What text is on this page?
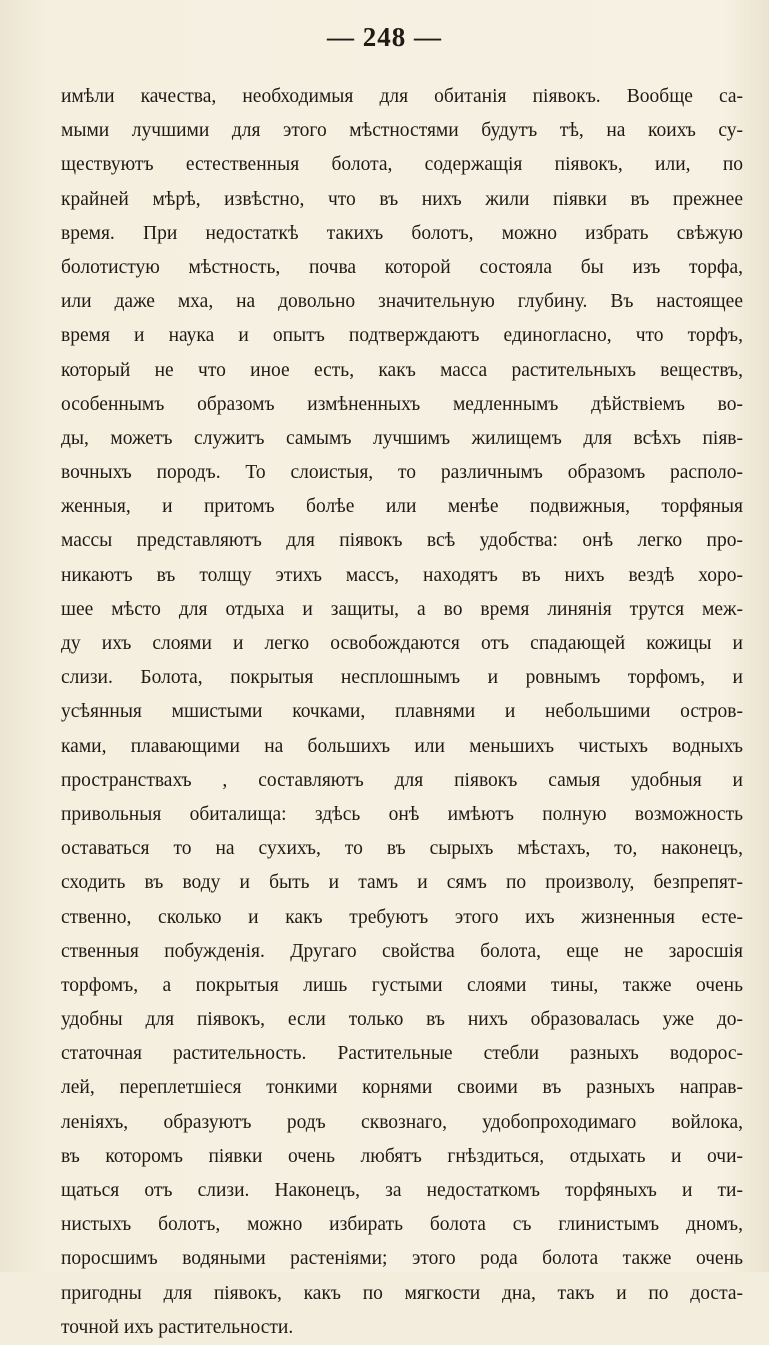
— 248 —
имѣли качества, необходимыя для обитанія піявокъ. Вообще са-
мыми лучшими для этого мѣстностями будутъ тѣ, на коихъ су-
ществуютъ естественныя болота, содержащія піявокъ, или, по
крайней мѣрѣ, извѣстно, что въ нихъ жили піявки въ прежнее
время. При недостаткѣ такихъ болотъ, можно избрать свѣжую
болотистую мѣстность, почва которой состояла бы изъ торфа,
или даже мха, на довольно значительную глубину. Въ настоящее
время и наука и опытъ подтверждаютъ единогласно, что торфъ,
который не что иное есть, какъ масса растительныхъ веществъ,
особеннымъ образомъ измѣненныхъ медленнымъ дѣйствіемъ во-
ды, можетъ служитъ самымъ лучшимъ жилищемъ для всѣхъ піяв-
вочныхъ породъ. То слоистыя, то различнымъ образомъ располо-
женныя, и притомъ болѣе или менѣе подвижныя, торфяныя
массы представляютъ для піявокъ всѣ удобства: онѣ легко про-
никаютъ въ толщу этихъ массъ, находятъ въ нихъ вездѣ хоро-
шее мѣсто для отдыха и защиты, а во время линянія трутся меж-
ду ихъ слоями и легко освобождаются отъ спадающей кожицы и
слизи. Болота, покрытыя несплошнымъ и ровнымъ торфомъ, и
усѣянныя мшистыми кочками, плавнями и небольшими остров-
ками, плавающими на большихъ или меньшихъ чистыхъ водныхъ
пространствахъ , составляютъ для піявокъ самыя удобныя и
привольныя обиталища: здѣсь онѣ имѣютъ полную возможность
оставаться то на сухихъ, то въ сырыхъ мѣстахъ, то, наконецъ,
сходить въ воду и быть и тамъ и сямъ по произволу, безпрепят-
ственно, сколько и какъ требуютъ этого ихъ жизненныя есте-
ственныя побужденія. Другаго свойства болота, еще не заросшія
торфомъ, а покрытыя лишь густыми слоями тины, также очень
удобны для піявокъ, если только въ нихъ образовалась уже до-
статочная растительность. Растительные стебли разныхъ водорос-
лей, переплетшіеся тонкими корнями своими въ разныхъ направ-
леніяхъ, образуютъ родъ сквознаго, удобопроходимаго войлока,
въ которомъ піявки очень любятъ гнѣздиться, отдыхать и очи-
щаться отъ слизи. Наконецъ, за недостаткомъ торфяныхъ и ти-
нистыхъ болотъ, можно избирать болота съ глинистымъ дномъ,
поросшимъ водяными растеніями; этого рода болота также очень
пригодны для піявокъ, какъ по мягкости дна, такъ и по доста-
точной ихъ растительности.
